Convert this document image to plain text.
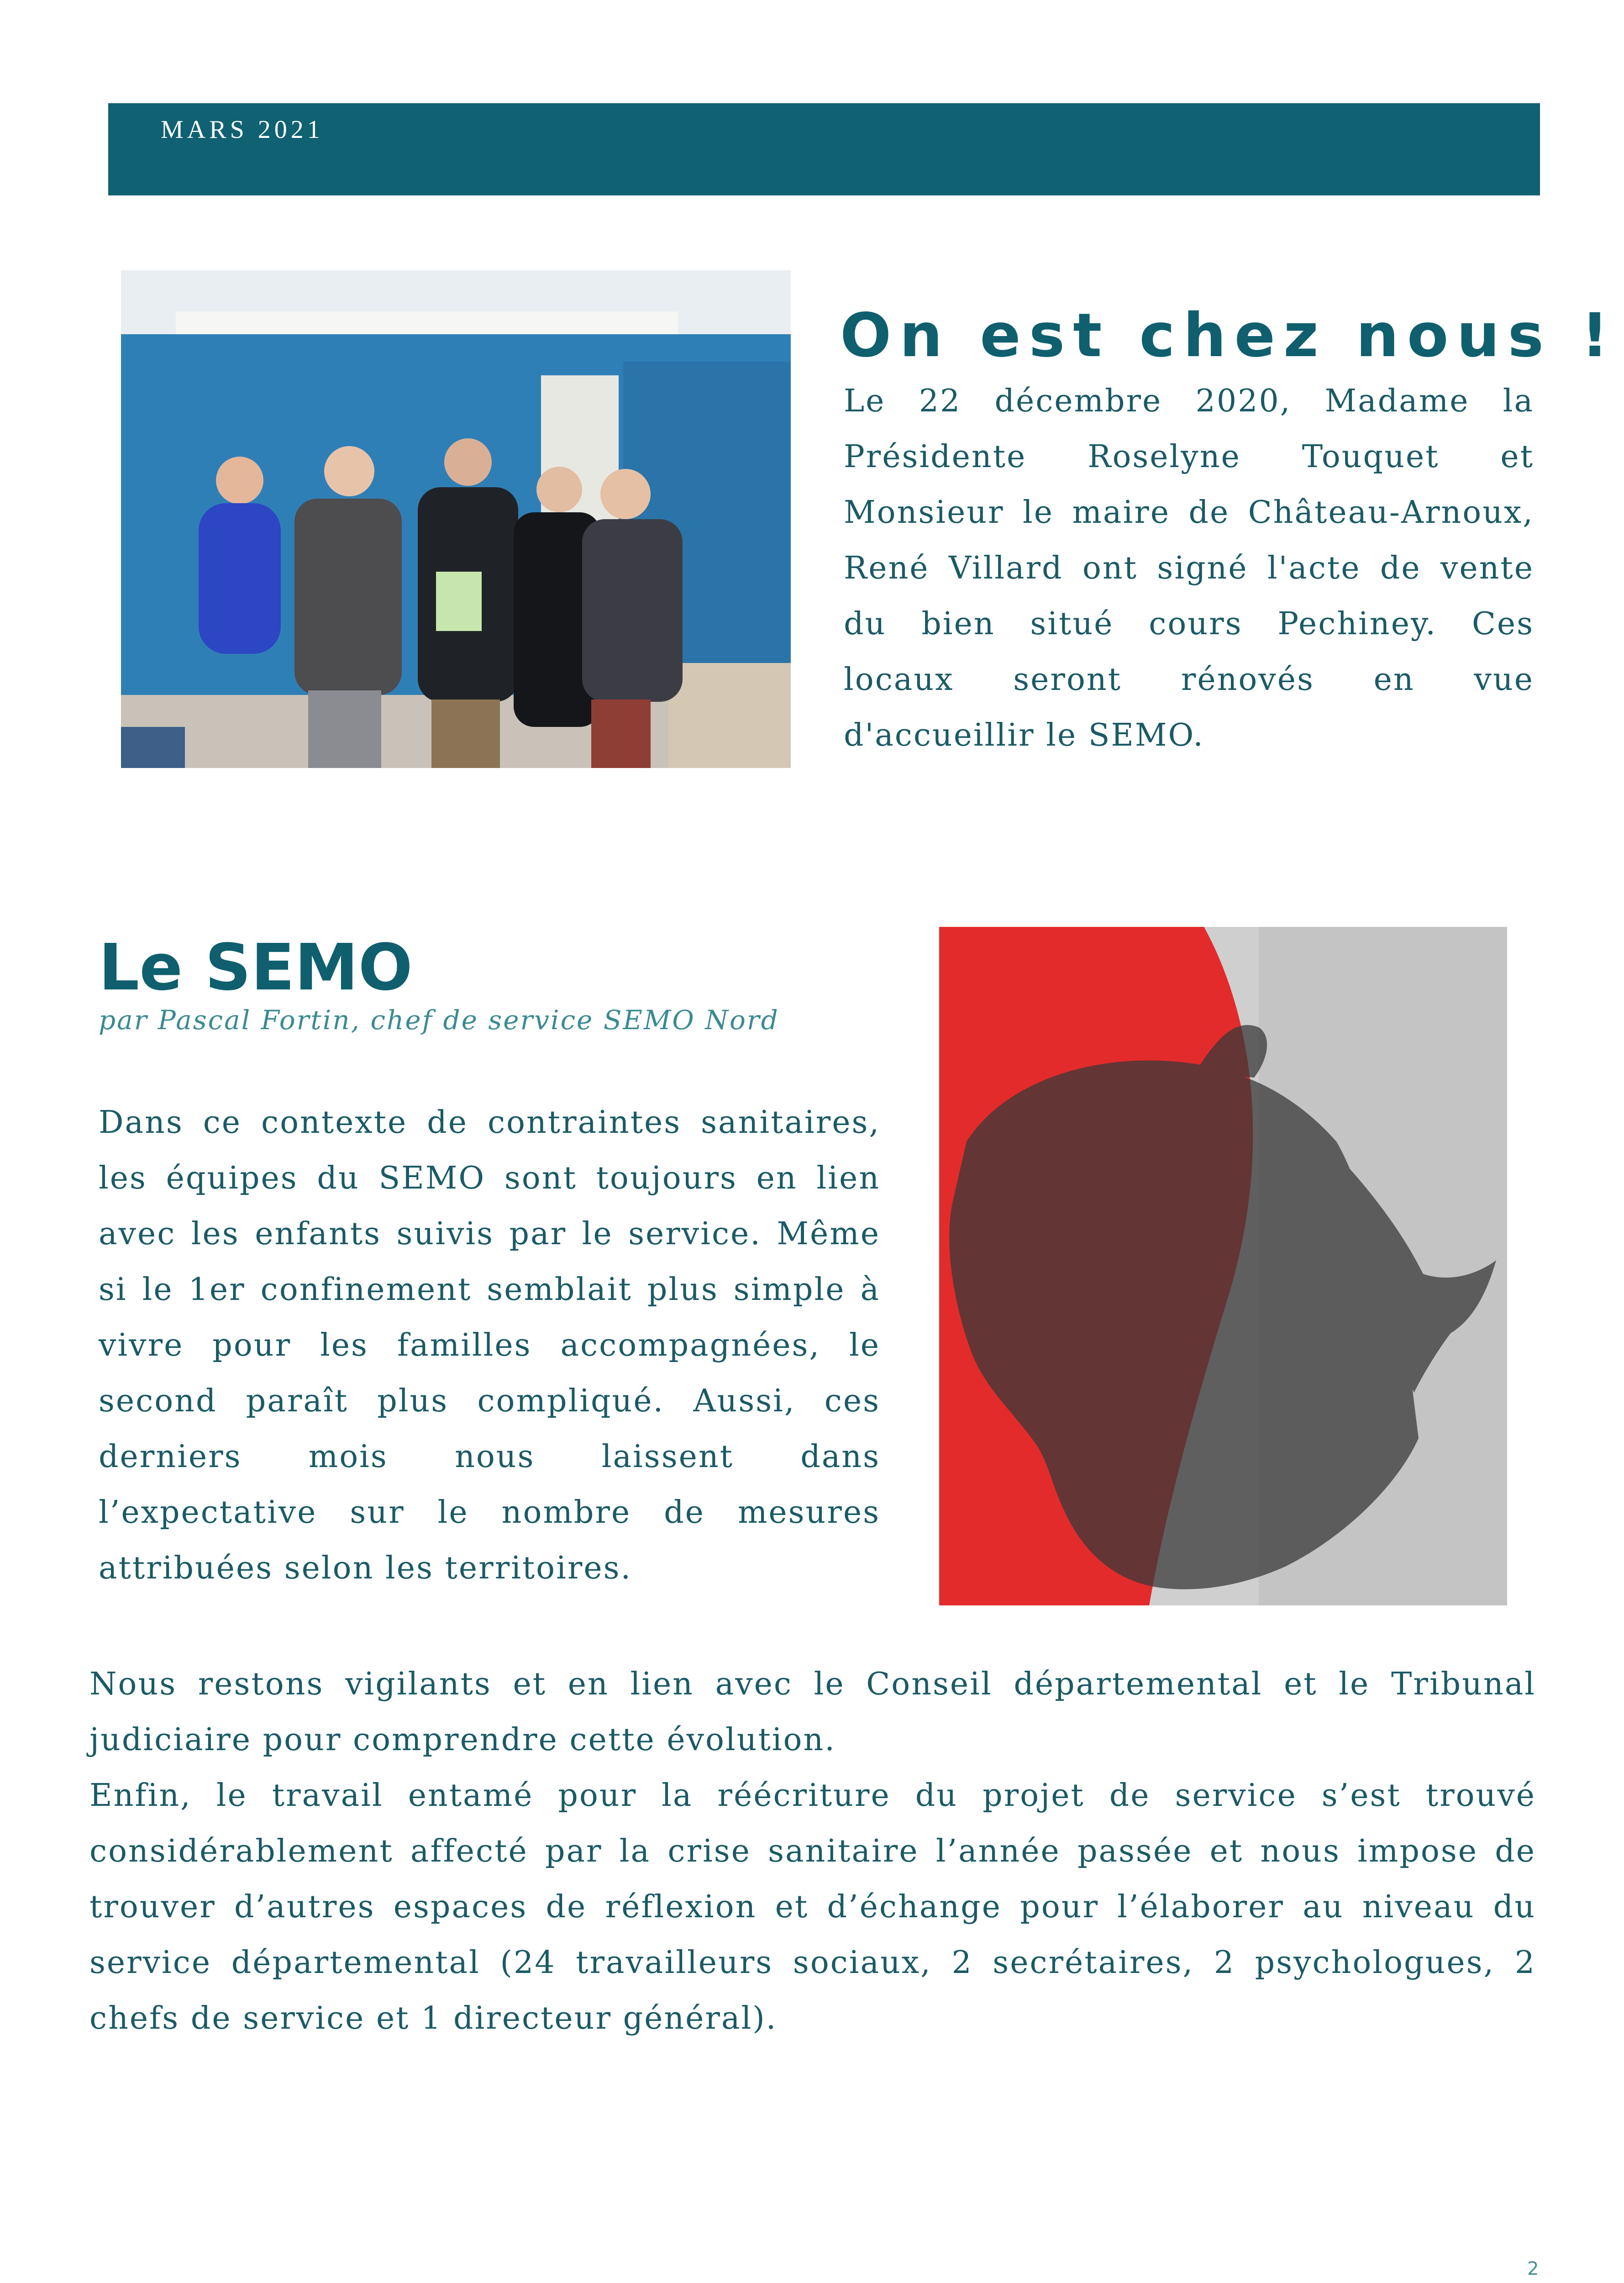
MARS 2021
On est chez nous !
Le 22 décembre 2020, Madame la Présidente Roselyne Touquet et Monsieur le maire de Château-Arnoux, René Villard ont signé l'acte de vente du bien situé cours Pechiney. Ces locaux seront rénovés en vue d'accueillir le SEMO.
Le SEMO
par Pascal Fortin, chef de service SEMO Nord
Dans ce contexte de contraintes sanitaires, les équipes du SEMO sont toujours en lien avec les enfants suivis par le service. Même si le 1er confinement semblait plus simple à vivre pour les familles accompagnées, le second paraît plus compliqué. Aussi, ces derniers mois nous laissent dans l’expectative sur le nombre de mesures attribuées selon les territoires.

Nous restons vigilants et en lien avec le Conseil départemental et le Tribunal judiciaire pour comprendre cette évolution.

Enfin, le travail entamé pour la réécriture du projet de service s’est trouvé considérablement affecté par la crise sanitaire l’année passée et nous impose de trouver d’autres espaces de réflexion et d’échange pour l’élaborer au niveau du service départemental (24 travailleurs sociaux, 2 secrétaires, 2 psychologues, 2 chefs de service et 1 directeur général).

2
